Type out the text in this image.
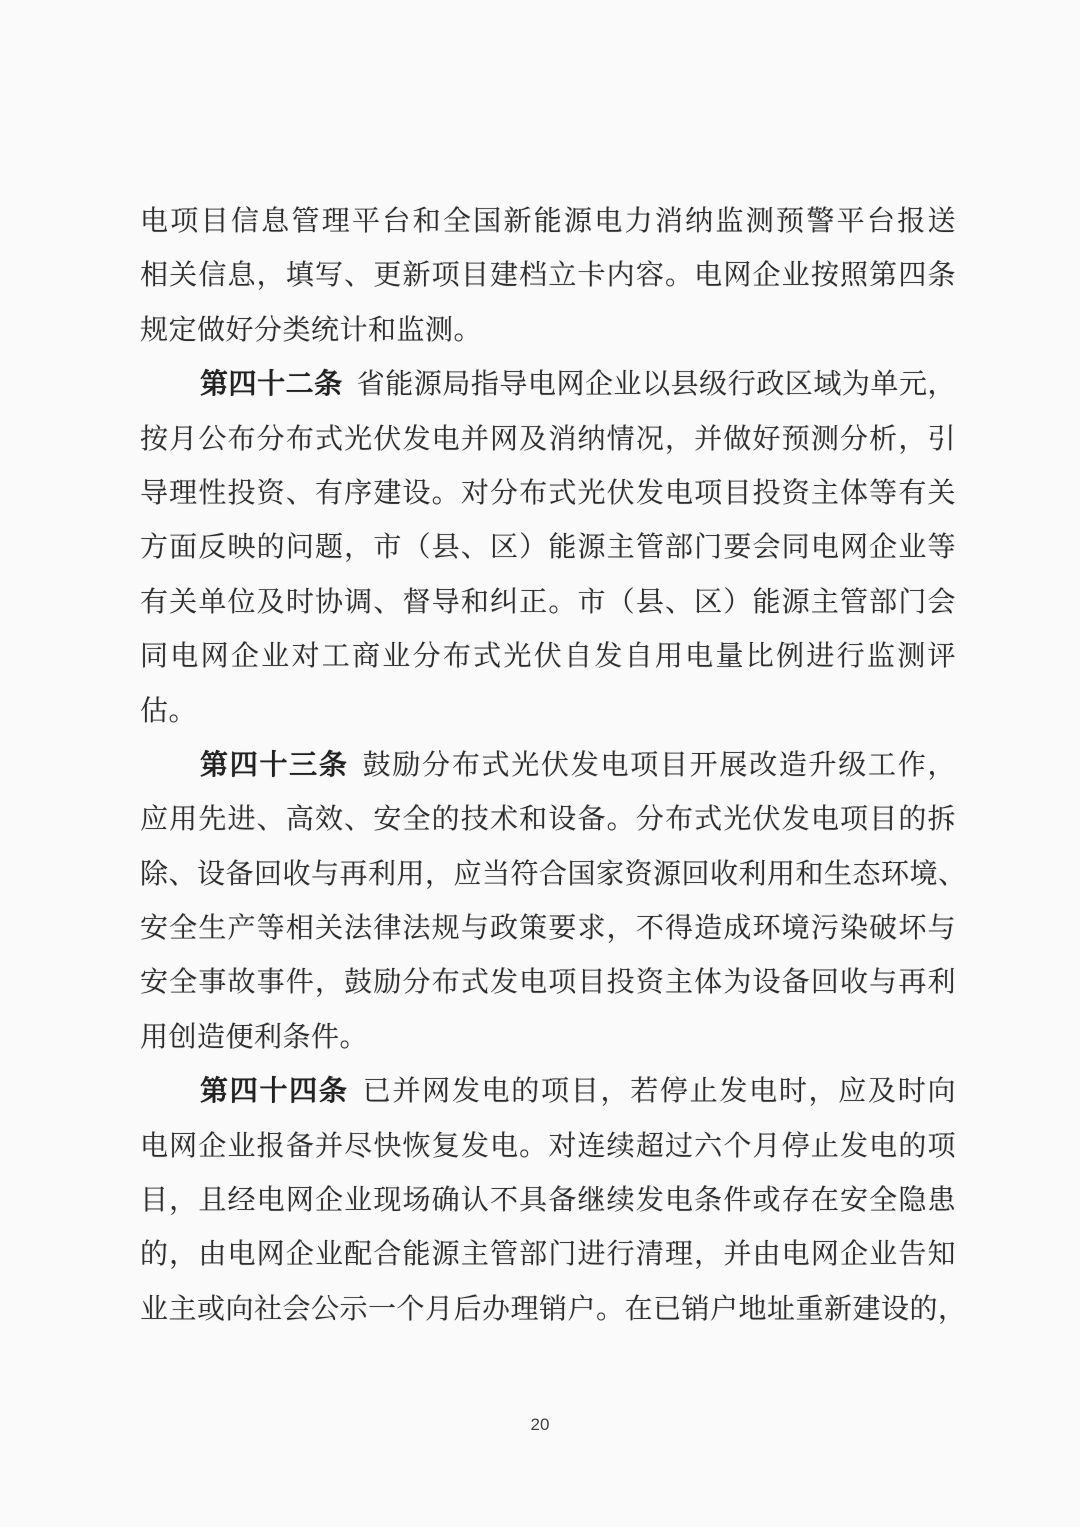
电项目信息管理平台和全国新能源电力消纳监测预警平台报送
相关信息，填写、更新项目建档立卡内容。电网企业按照第四条
规定做好分类统计和监测。
第四十二条 省能源局指导电网企业以县级行政区域为单元，
按月公布分布式光伏发电并网及消纳情况，并做好预测分析，引
导理性投资、有序建设。对分布式光伏发电项目投资主体等有关
方面反映的问题，市（县、区）能源主管部门要会同电网企业等
有关单位及时协调、督导和纠正。市（县、区）能源主管部门会
同电网企业对工商业分布式光伏自发自用电量比例进行监测评
估。
第四十三条 鼓励分布式光伏发电项目开展改造升级工作，
应用先进、高效、安全的技术和设备。分布式光伏发电项目的拆
除、设备回收与再利用，应当符合国家资源回收利用和生态环境、
安全生产等相关法律法规与政策要求，不得造成环境污染破坏与
安全事故事件，鼓励分布式发电项目投资主体为设备回收与再利
用创造便利条件。
第四十四条 已并网发电的项目，若停止发电时，应及时向
电网企业报备并尽快恢复发电。对连续超过六个月停止发电的项
目，且经电网企业现场确认不具备继续发电条件或存在安全隐患
的，由电网企业配合能源主管部门进行清理，并由电网企业告知
业主或向社会公示一个月后办理销户。在已销户地址重新建设的，
20
